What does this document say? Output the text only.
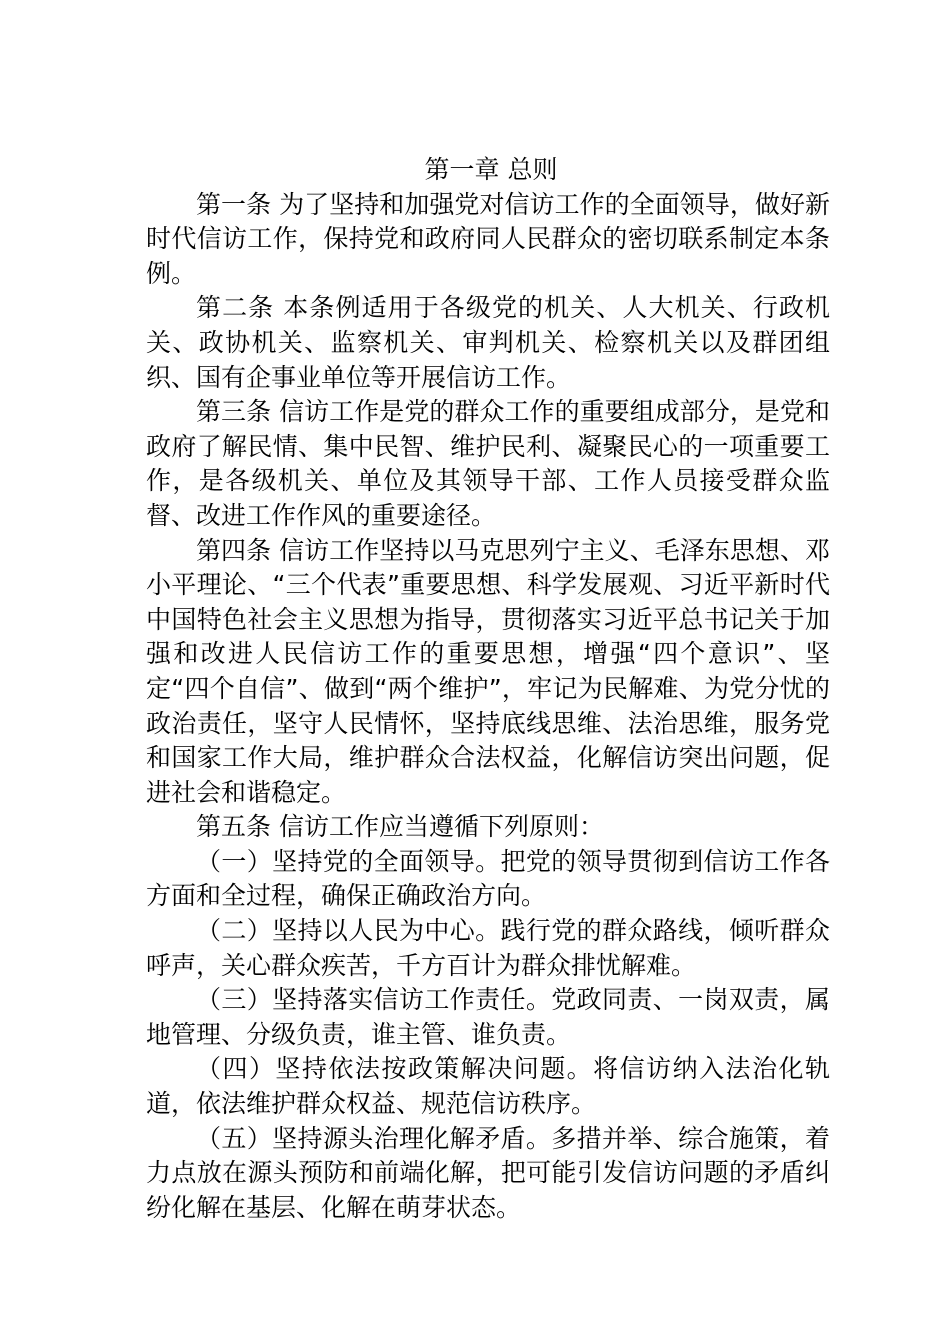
第一章 总则

第一条 为了坚持和加强党对信访工作的全面领导，做好新时代信访工作，保持党和政府同人民群众的密切联系制定本条例。

第二条 本条例适用于各级党的机关、人大机关、行政机关、政协机关、监察机关、审判机关、检察机关以及群团组织、国有企事业单位等开展信访工作。

第三条 信访工作是党的群众工作的重要组成部分，是党和政府了解民情、集中民智、维护民利、凝聚民心的一项重要工作，是各级机关、单位及其领导干部、工作人员接受群众监督、改进工作作风的重要途径。

第四条 信访工作坚持以马克思列宁主义、毛泽东思想、邓小平理论、“三个代表”重要思想、科学发展观、习近平新时代中国特色社会主义思想为指导，贯彻落实习近平总书记关于加强和改进人民信访工作的重要思想，增强“四个意识”、坚定“四个自信”、做到“两个维护”，牢记为民解难、为党分忧的政治责任，坚守人民情怀，坚持底线思维、法治思维，服务党和国家工作大局，维护群众合法权益，化解信访突出问题，促进社会和谐稳定。

第五条 信访工作应当遵循下列原则：

（一）坚持党的全面领导。把党的领导贯彻到信访工作各方面和全过程，确保正确政治方向。

（二）坚持以人民为中心。践行党的群众路线，倾听群众呼声，关心群众疾苦，千方百计为群众排忧解难。

（三）坚持落实信访工作责任。党政同责、一岗双责，属地管理、分级负责，谁主管、谁负责。

（四）坚持依法按政策解决问题。将信访纳入法治化轨道，依法维护群众权益、规范信访秩序。

（五）坚持源头治理化解矛盾。多措并举、综合施策，着力点放在源头预防和前端化解，把可能引发信访问题的矛盾纠纷化解在基层、化解在萌芽状态。
